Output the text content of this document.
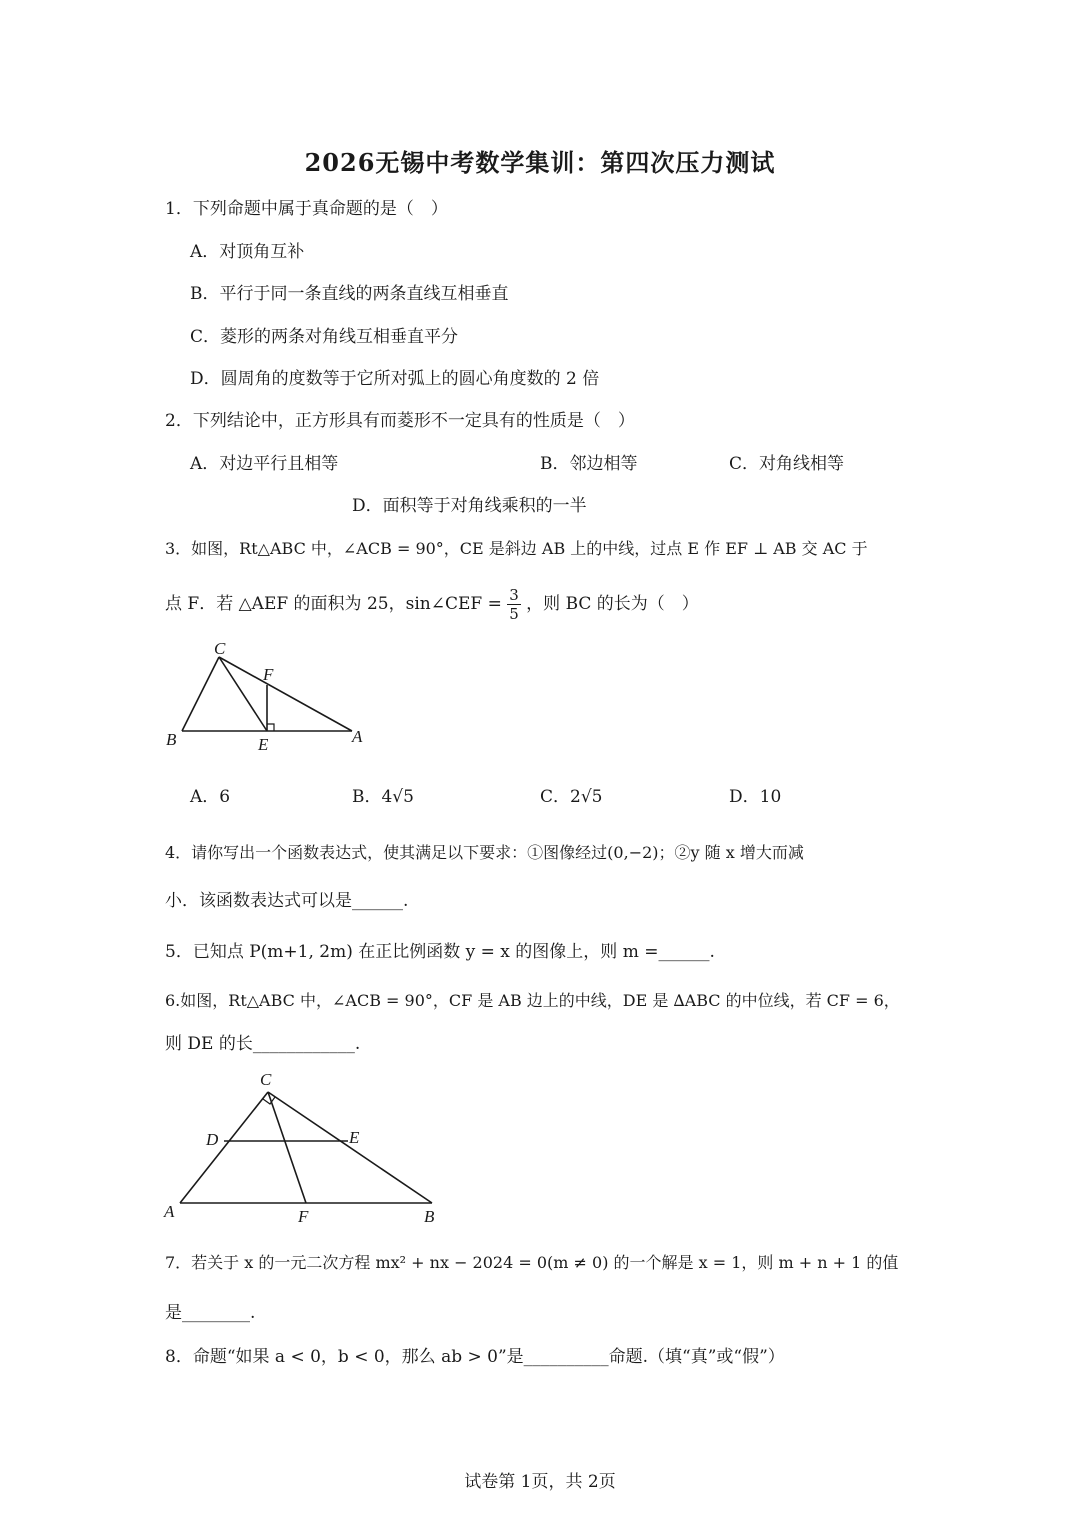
2026无锡中考数学集训：第四次压力测试
1．下列命题中属于真命题的是（　）
A．对顶角互补
B．平行于同一条直线的两条直线互相垂直
C．菱形的两条对角线互相垂直平分
D．圆周角的度数等于它所对弧上的圆心角度数的 2 倍
2．下列结论中，正方形具有而菱形不一定具有的性质是（　）
A．对边平行且相等	B．邻边相等	C．对角线相等
D．面积等于对角线乘积的一半
3．如图，Rt△ABC 中，∠ACB = 90°，CE 是斜边 AB 上的中线，过点 E 作 EF ⊥ AB 交 AC 于
点 F．若 △AEF 的面积为 25，sin∠CEF = $\frac{3}{5}$ ，则 BC 的长为（　）
C
F
B	E	A
A．6	B．4√5	C．2√5	D．10
4．请你写出一个函数表达式，使其满足以下要求：①图像经过(0,−2)；②y 随 x 增大而减
小．该函数表达式可以是______.
5．已知点 P(m+1, 2m) 在正比例函数 y = x 的图像上，则 m =______.
6.如图，Rt△ABC 中，∠ACB = 90°，CF 是 AB 边上的中线，DE 是 ∆ABC 的中位线，若 CF = 6，
则 DE 的长____________.
C
D	E
A	F	B
7．若关于 x 的一元二次方程 mx² + nx − 2024 = 0(m ≠ 0) 的一个解是 x = 1，则 m + n + 1 的值
是________.
8．命题“如果 a < 0，b < 0，那么 ab > 0”是__________命题.（填“真”或“假”）
试卷第 1页，共 2页
